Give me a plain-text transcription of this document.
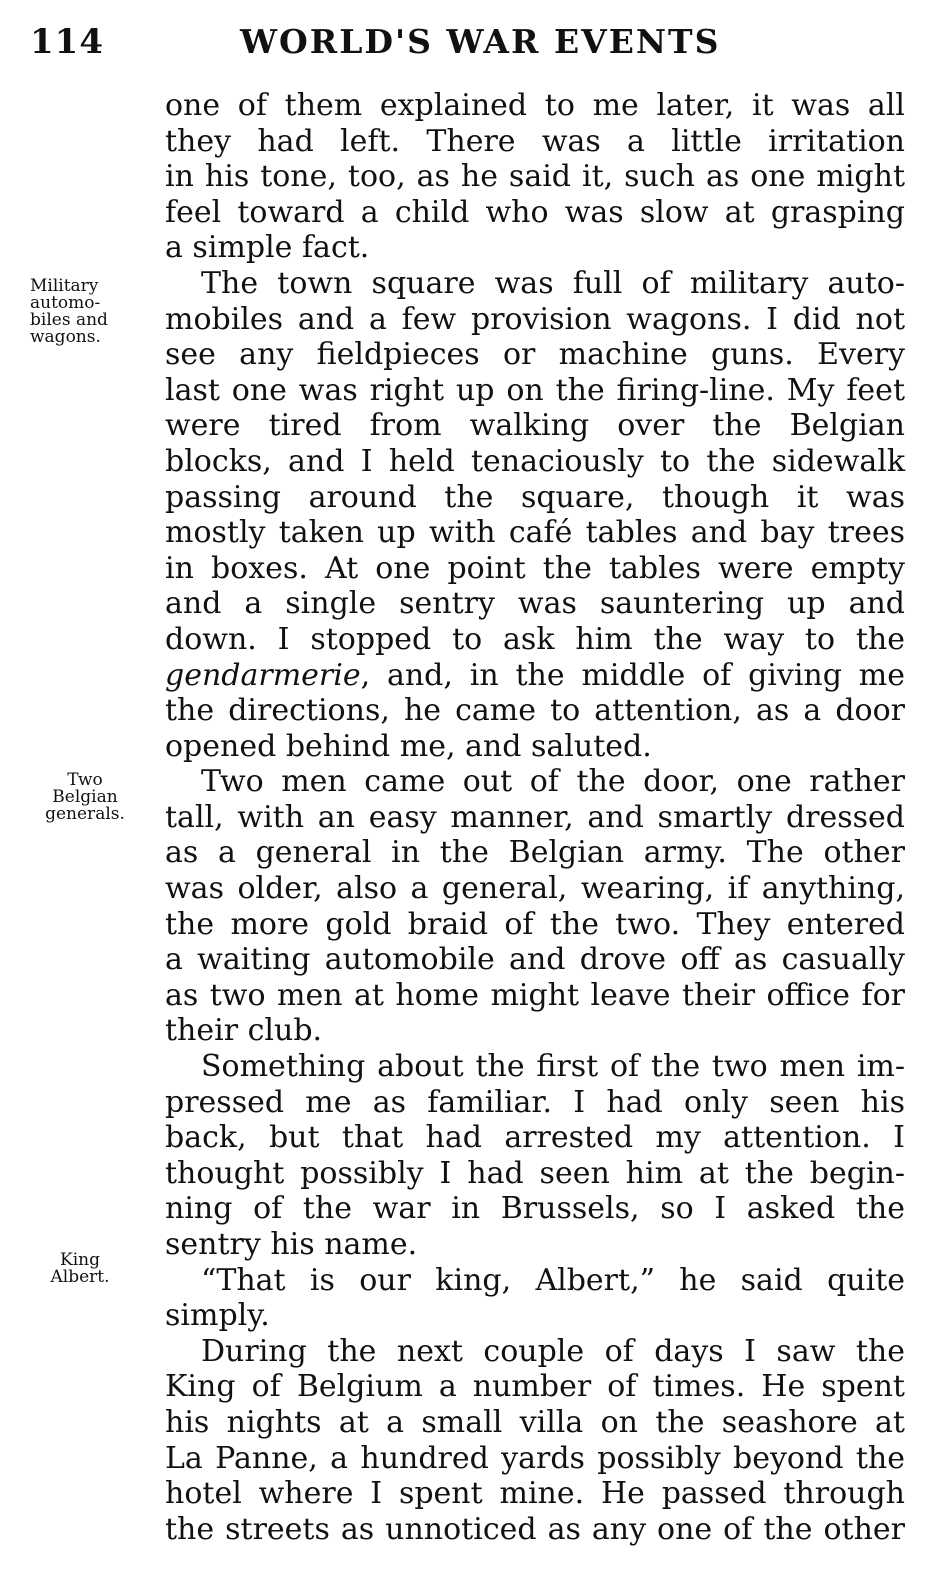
114	WORLD'S WAR EVENTS
Military
automo-
biles and
wagons.
Two
Belgian
generals.
King
Albert.
one of them explained to me later, it was all
they had left. There was a little irritation
in his tone, too, as he said it, such as one might
feel toward a child who was slow at grasping
a simple fact.
The town square was full of military auto-
mobiles and a few provision wagons. I did not
see any fieldpieces or machine guns. Every
last one was right up on the firing-line. My feet
were tired from walking over the Belgian
blocks, and I held tenaciously to the sidewalk
passing around the square, though it was
mostly taken up with café tables and bay trees
in boxes. At one point the tables were empty
and a single sentry was sauntering up and
down. I stopped to ask him the way to the
gendarmerie, and, in the middle of giving me
the directions, he came to attention, as a door
opened behind me, and saluted.
Two men came out of the door, one rather
tall, with an easy manner, and smartly dressed
as a general in the Belgian army. The other
was older, also a general, wearing, if anything,
the more gold braid of the two. They entered
a waiting automobile and drove off as casually
as two men at home might leave their office for
their club.
Something about the first of the two men im-
pressed me as familiar. I had only seen his
back, but that had arrested my attention. I
thought possibly I had seen him at the begin-
ning of the war in Brussels, so I asked the
sentry his name.
“That is our king, Albert,” he said quite
simply.
During the next couple of days I saw the
King of Belgium a number of times. He spent
his nights at a small villa on the seashore at
La Panne, a hundred yards possibly beyond the
hotel where I spent mine. He passed through
the streets as unnoticed as any one of the other
